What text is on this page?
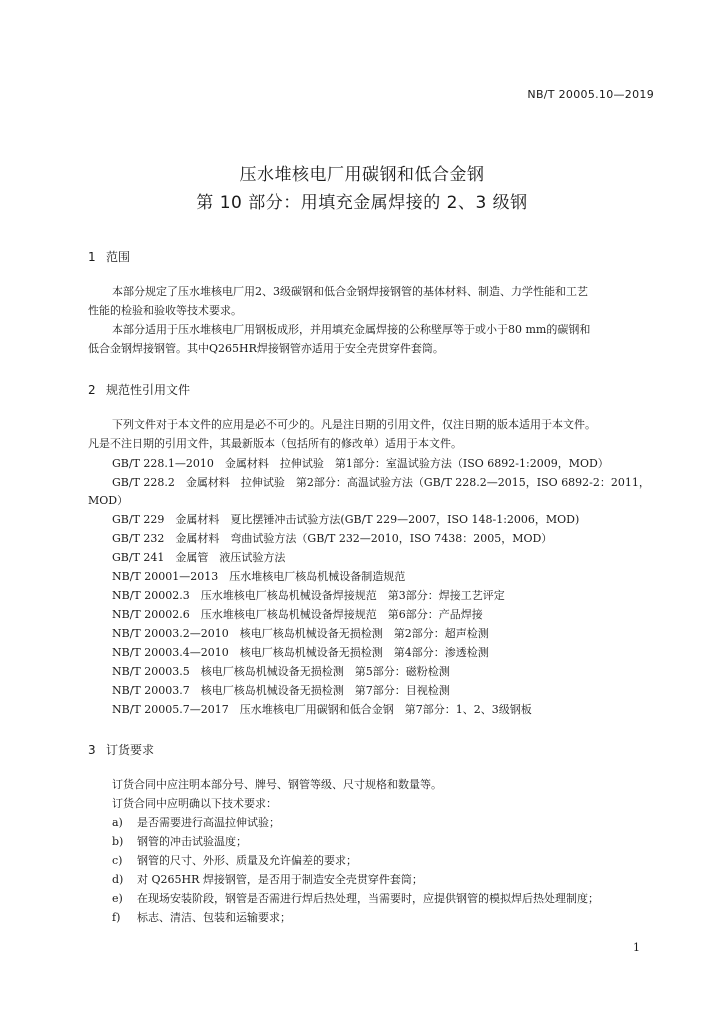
NB/T 20005.10—2019
压水堆核电厂用碳钢和低合金钢
第 10 部分：用填充金属焊接的 2、3 级钢
1 范围
本部分规定了压水堆核电厂用2、3级碳钢和低合金钢焊接钢管的基体材料、制造、力学性能和工艺
性能的检验和验收等技术要求。
本部分适用于压水堆核电厂用钢板成形，并用填充金属焊接的公称壁厚等于或小于80 mm的碳钢和
低合金钢焊接钢管。其中Q265HR焊接钢管亦适用于安全壳贯穿件套筒。
2 规范性引用文件
下列文件对于本文件的应用是必不可少的。凡是注日期的引用文件，仅注日期的版本适用于本文件。
凡是不注日期的引用文件，其最新版本（包括所有的修改单）适用于本文件。
GB/T 228.1—2010　金属材料　拉伸试验　第1部分：室温试验方法（ISO 6892-1:2009，MOD）
GB/T 228.2　金属材料　拉伸试验　第2部分：高温试验方法（GB/T 228.2—2015，ISO 6892-2：2011，
MOD）
GB/T 229　金属材料　夏比摆锤冲击试验方法(GB/T 229—2007，ISO 148-1:2006，MOD)
GB/T 232　金属材料　弯曲试验方法（GB/T 232—2010，ISO 7438：2005，MOD）
GB/T 241　金属管　液压试验方法
NB/T 20001—2013　压水堆核电厂核岛机械设备制造规范
NB/T 20002.3　压水堆核电厂核岛机械设备焊接规范　第3部分：焊接工艺评定
NB/T 20002.6　压水堆核电厂核岛机械设备焊接规范　第6部分：产品焊接
NB/T 20003.2—2010　核电厂核岛机械设备无损检测　第2部分：超声检测
NB/T 20003.4—2010　核电厂核岛机械设备无损检测　第4部分：渗透检测
NB/T 20003.5　核电厂核岛机械设备无损检测　第5部分：磁粉检测
NB/T 20003.7　核电厂核岛机械设备无损检测　第7部分：目视检测
NB/T 20005.7—2017　压水堆核电厂用碳钢和低合金钢　第7部分：1、2、3级钢板
3 订货要求
订货合同中应注明本部分号、牌号、钢管等级、尺寸规格和数量等。
订货合同中应明确以下技术要求：
a) 是否需要进行高温拉伸试验；
b) 钢管的冲击试验温度；
c) 钢管的尺寸、外形、质量及允许偏差的要求；
d) 对 Q265HR 焊接钢管，是否用于制造安全壳贯穿件套筒；
e) 在现场安装阶段，钢管是否需进行焊后热处理，当需要时，应提供钢管的模拟焊后热处理制度；
f) 标志、清洁、包装和运输要求；
1
